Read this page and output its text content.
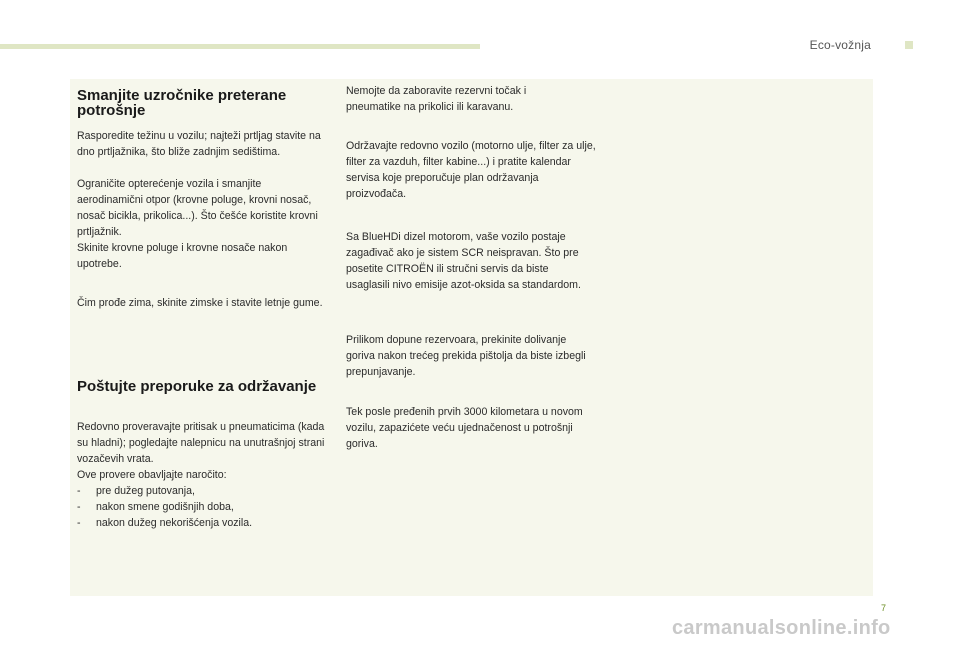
Eco-vožnja
Smanjite uzročnike preterane potrošnje

Rasporedite težinu u vozilu; najteži prtljag stavite na dno prtljažnika, što bliže zadnjim sedištima.

Ograničite opterećenje vozila i smanjite aerodinamični otpor (krovne poluge, krovni nosač, nosač bicikla, prikolica...). Što češće koristite krovni prtljažnik.

Skinite krovne poluge i krovne nosače nakon upotrebe.

Čim prođe zima, skinite zimske i stavite letnje gume.

Poštujte preporuke za održavanje

Redovno proveravajte pritisak u pneumaticima (kada su hladni); pogledajte nalepnicu na unutrašnjoj strani vozačevih vrata.

Ove provere obavljajte naročito:

- pre dužeg putovanja,
- nakon smene godišnjih doba,
- nakon dužeg nekorišćenja vozila.

Nemojte da zaboravite rezervni točak i pneumatike na prikolici ili karavanu.

Održavajte redovno vozilo (motorno ulje, filter za ulje, filter za vazduh, filter kabine...) i pratite kalendar servisa koje preporučuje plan održavanja proizvođača.

Sa BlueHDi dizel motorom, vaše vozilo postaje zagađivač ako je sistem SCR neispravan. Što pre posetite CITROËN ili stručni servis da biste usaglasili nivo emisije azot-oksida sa standardom.

Prilikom dopune rezervoara, prekinite dolivanje goriva nakon trećeg prekida pištolja da biste izbegli prepunjavanje.

Tek posle pređenih prvih 3000 kilometara u novom vozilu, zapazićete veću ujednačenost u potrošnji goriva.

7
carmanualsonline.info
